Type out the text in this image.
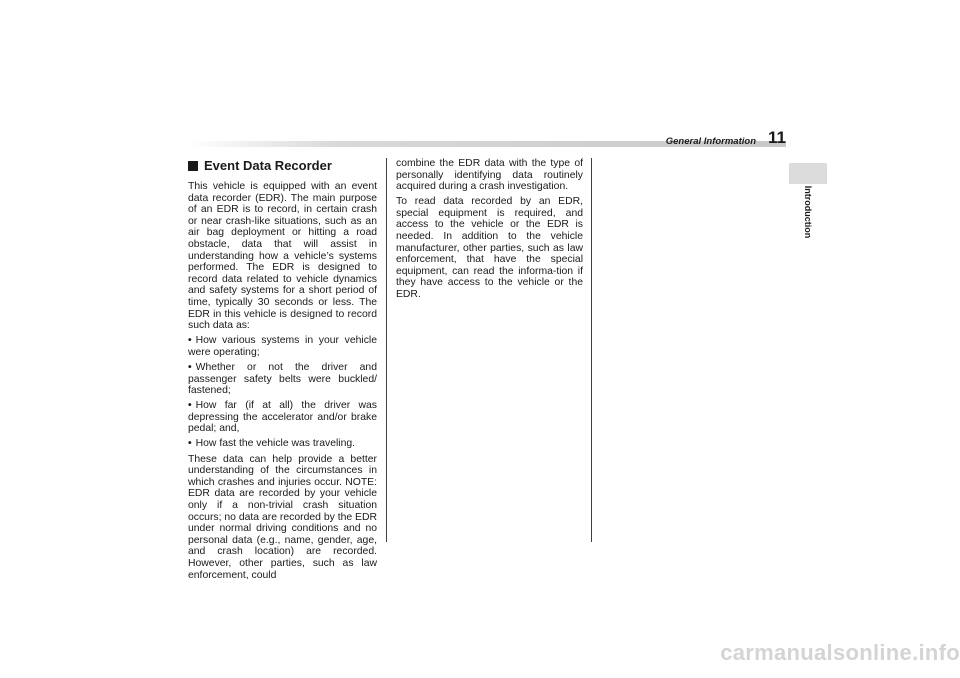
General Information 11
Introduction
Event Data Recorder

This vehicle is equipped with an event data recorder (EDR). The main purpose of an EDR is to record, in certain crash or near crash-like situations, such as an air bag deployment or hitting a road obstacle, data that will assist in understanding how a vehicle’s systems performed. The EDR is designed to record data related to vehicle dynamics and safety systems for a short period of time, typically 30 seconds or less. The EDR in this vehicle is designed to record such data as:

• How various systems in your vehicle were operating;
• Whether or not the driver and passenger safety belts were buckled/ fastened;
• How far (if at all) the driver was depressing the accelerator and/or brake pedal; and,
• How fast the vehicle was traveling.

These data can help provide a better understanding of the circumstances in which crashes and injuries occur. NOTE: EDR data are recorded by your vehicle only if a non-trivial crash situation occurs; no data are recorded by the EDR under normal driving conditions and no personal data (e.g., name, gender, age, and crash location) are recorded. However, other parties, such as law enforcement, could

combine the EDR data with the type of personally identifying data routinely acquired during a crash investigation.

To read data recorded by an EDR, special equipment is required, and access to the vehicle or the EDR is needed. In addition to the vehicle manufacturer, other parties, such as law enforcement, that have the special equipment, can read the informa-tion if they have access to the vehicle or the EDR.

carmanualsonline.info
